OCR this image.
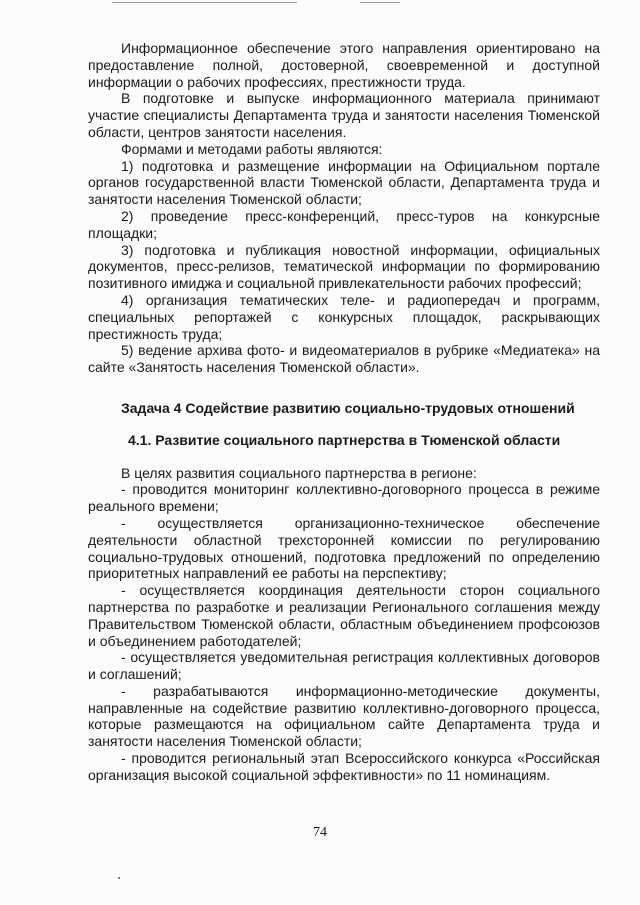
Информационное обеспечение этого направления ориентировано на предоставление полной, достоверной, своевременной и доступной информации о рабочих профессиях, престижности труда.

В подготовке и выпуске информационного материала принимают участие специалисты Департамента труда и занятости населения Тюменской области, центров занятости населения.

Формами и методами работы являются:

1) подготовка и размещение информации на Официальном портале органов государственной власти Тюменской области, Департамента труда и занятости населения Тюменской области;

2) проведение пресс-конференций, пресс-туров на конкурсные площадки;

3) подготовка и публикация новостной информации, официальных документов, пресс-релизов, тематической информации по формированию позитивного имиджа и социальной привлекательности рабочих профессий;

4) организация тематических теле- и радиопередач и программ, специальных репортажей с конкурсных площадок, раскрывающих престижность труда;

5) ведение архива фото- и видеоматериалов в рубрике «Медиатека» на сайте «Занятость населения Тюменской области».

Задача 4 Содействие развитию социально-трудовых отношений
4.1. Развитие социального партнерства в Тюменской области

В целях развития социального партнерства в регионе:

- проводится мониторинг коллективно-договорного процесса в режиме реального времени;

- осуществляется организационно-техническое обеспечение деятельности областной трехсторонней комиссии по регулированию социально-трудовых отношений, подготовка предложений по определению приоритетных направлений ее работы на перспективу;

- осуществляется координация деятельности сторон социального партнерства по разработке и реализации Регионального соглашения между Правительством Тюменской области, областным объединением профсоюзов и объединением работодателей;

- осуществляется уведомительная регистрация коллективных договоров и соглашений;

- разрабатываются информационно-методические документы, направленные на содействие развитию коллективно-договорного процесса, которые размещаются на официальном сайте Департамента труда и занятости населения Тюменской области;

- проводится региональный этап Всероссийского конкурса «Российская организация высокой социальной эффективности» по 11 номинациям.

74
